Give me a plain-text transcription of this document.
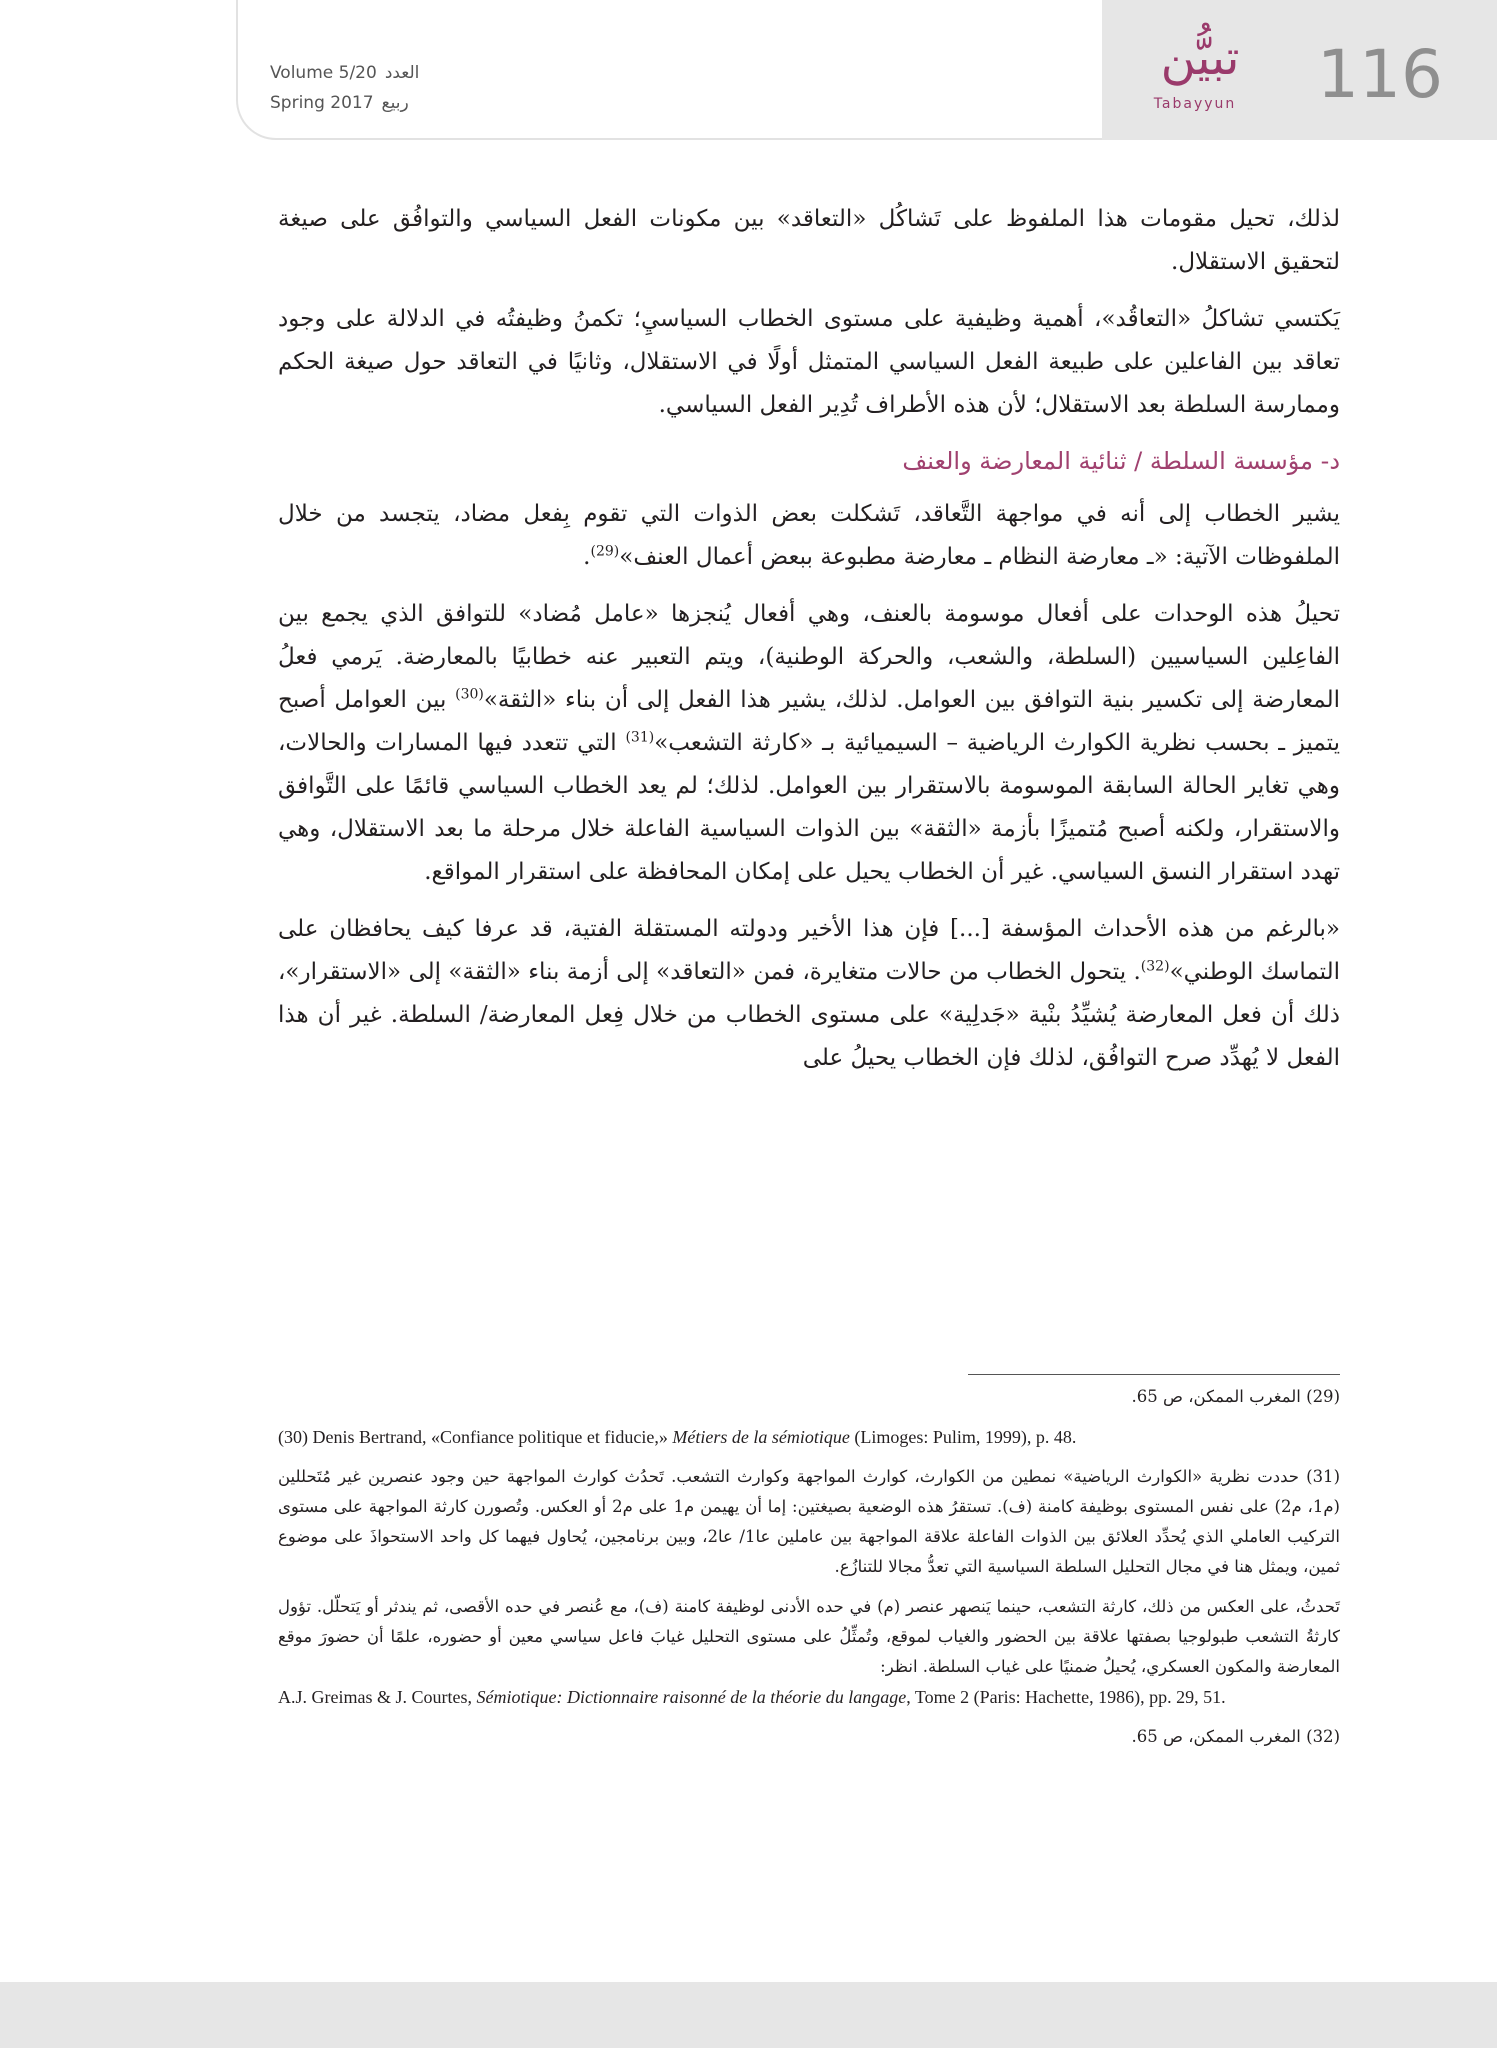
Volume 5/20 العدد
Spring 2017 ربيع
تبيُّن
Tabayyun	116

لذلك، تحيل مقومات هذا الملفوظ على تَشاكُل «التعاقد» بين مكونات الفعل السياسي والتوافُق على صيغة لتحقيق الاستقلال.

يَكتسي تشاكلُ «التعاقُد»، أهمية وظيفية على مستوى الخطاب السياسيِ؛ تكمنُ وظيفتُه في الدلالة على وجود تعاقد بين الفاعلين على طبيعة الفعل السياسي المتمثل أولًا في الاستقلال، وثانيًا في التعاقد حول صيغة الحكم وممارسة السلطة بعد الاستقلال؛ لأن هذه الأطراف تُدِير الفعل السياسي.

د- مؤسسة السلطة / ثنائية المعارضة والعنف

يشير الخطاب إلى أنه في مواجهة التَّعاقد، تَشكلت بعض الذوات التي تقوم بِفعل مضاد، يتجسد من خلال الملفوظات الآتية: «ـ معارضة النظام ـ معارضة مطبوعة ببعض أعمال العنف»$^{(29)}$.

تحيلُ هذه الوحدات على أفعال موسومة بالعنف، وهي أفعال يُنجزها «عامل مُضاد» للتوافق الذي يجمع بين الفاعِلين السياسيين (السلطة، والشعب، والحركة الوطنية)، ويتم التعبير عنه خطابيًا بالمعارضة. يَرمي فعلُ المعارضة إلى تكسير بنية التوافق بين العوامل. لذلك، يشير هذا الفعل إلى أن بناء «الثقة»$^{(30)}$ بين العوامل أصبح يتميز ـ بحسب نظرية الكوارث الرياضية – السيميائية بـ «كارثة التشعب»$^{(31)}$ التي تتعدد فيها المسارات والحالات، وهي تغاير الحالة السابقة الموسومة بالاستقرار بين العوامل. لذلك؛ لم يعد الخطاب السياسي قائمًا على التَّوافق والاستقرار، ولكنه أصبح مُتميزًا بأزمة «الثقة» بين الذوات السياسية الفاعلة خلال مرحلة ما بعد الاستقلال، وهي تهدد استقرار النسق السياسي. غير أن الخطاب يحيل على إمكان المحافظة على استقرار المواقع.

«بالرغم من هذه الأحداث المؤسفة [...] فإن هذا الأخير ودولته المستقلة الفتية، قد عرفا كيف يحافظان على التماسك الوطني»$^{(32)}$. يتحول الخطاب من حالات متغايرة، فمن «التعاقد» إلى أزمة بناء «الثقة» إلى «الاستقرار»، ذلك أن فعل المعارضة يُشيِّدُ بنْية «جَدلِية» على مستوى الخطاب من خلال فِعل المعارضة/ السلطة. غير أن هذا الفعل لا يُهدِّد صرح التوافُق، لذلك فإن الخطاب يحيلُ على

(29) المغرب الممكن، ص 65.
(30) Denis Bertrand, «Confiance politique et fiducie,» Métiers de la sémiotique (Limoges: Pulim, 1999), p. 48.
(31) حددت نظرية «الكوارث الرياضية» نمطين من الكوارث، كوارث المواجهة وكوارث التشعب. تَحدُث كوارث المواجهة حين وجود عنصرين غير مُتَحللين (م1، م2) على نفس المستوى بوظيفة كامنة (ف). تستقرُ هذه الوضعية بصيغتين: إما أن يهيمن م1 على م2 أو العكس. وتُصورن كارثة المواجهة على مستوى التركيب العاملي الذي يُحدِّد العلائق بين الذوات الفاعلة علاقة المواجهة بين عاملين عا1/ عا2، وبين برنامجين، يُحاول فيهما كل واحد الاستحواذَ على موضوع ثمين، ويمثل هنا في مجال التحليل السلطة السياسية التي تعدُّ مجالا للتنازُع.
تَحدثُ، على العكس من ذلك، كارثة التشعب، حينما يَنصهر عنصر (م) في حده الأدنى لوظيفة كامنة (ف)، مع عُنصر في حده الأقصى، ثم يندثر أو يَتحلّل. تؤول كارثةُ التشعب طبولوجيا بصفتها علاقة بين الحضور والغياب لموقع، وتُمثِّلُ على مستوى التحليل غيابَ فاعل سياسي معين أو حضوره، علمًا أن حضورَ موقع المعارضة والمكون العسكري، يُحيلُ ضمنيًا على غياب السلطة. انظر:
A.J. Greimas & J. Courtes, Sémiotique: Dictionnaire raisonné de la théorie du langage, Tome 2 (Paris: Hachette, 1986), pp. 29, 51.
(32) المغرب الممكن، ص 65.
